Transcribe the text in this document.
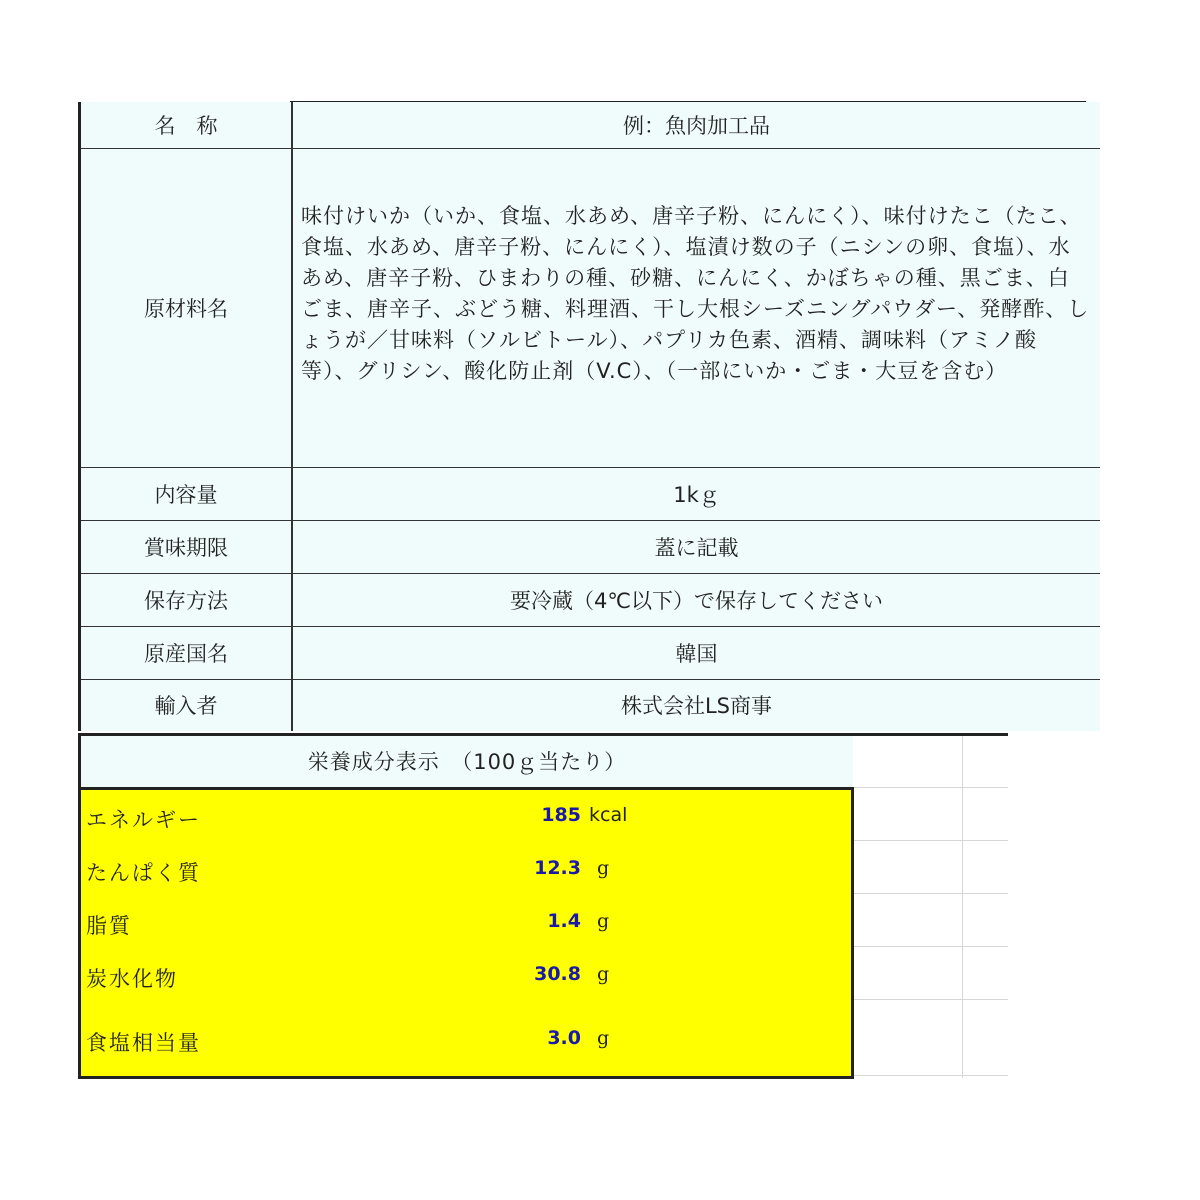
名　称	例：魚肉加工品
原材料名	味付けいか（いか、食塩、水あめ、唐辛子粉、にんにく）、味付けたこ（たこ、食塩、水あめ、唐辛子粉、にんにく）、塩漬け数の子（ニシンの卵、食塩）、水あめ、唐辛子粉、ひまわりの種、砂糖、にんにく、かぼちゃの種、黒ごま、白ごま、唐辛子、ぶどう糖、料理酒、干し大根シーズニングパウダー、発酵酢、しょうが／甘味料（ソルビトール）、パプリカ色素、酒精、調味料（アミノ酸等）、グリシン、酸化防止剤（V.C）、（一部にいか・ごま・大豆を含む）
内容量	1kｇ
賞味期限	蓋に記載
保存方法	要冷蔵（4℃以下）で保存してください
原産国名	韓国
輸入者	株式会社LS商事
栄養成分表示　（100ｇ当たり）
エネルギー	185 kcal
たんぱく質	12.3 g
脂質	1.4 g
炭水化物	30.8 g
食塩相当量	3.0 g
